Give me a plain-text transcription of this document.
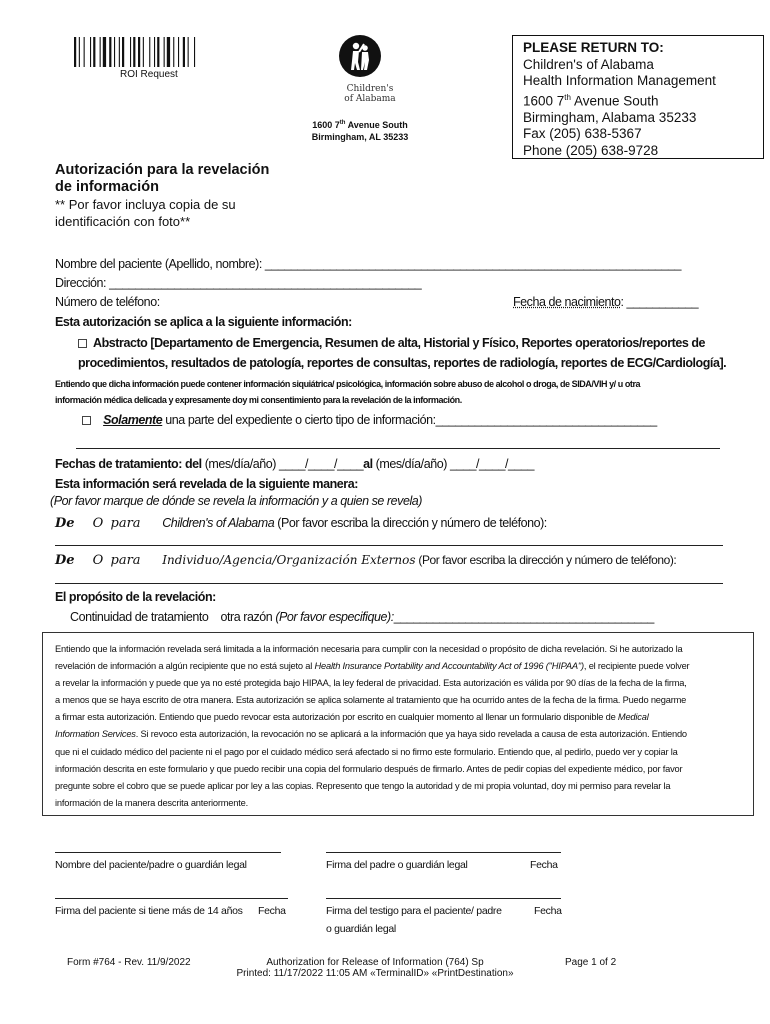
ROI Request
Children's
of Alabama
1600 7th Avenue South
Birmingham, AL 35233
PLEASE RETURN TO:
Children's of Alabama
Health Information Management
1600 7th Avenue South
Birmingham, Alabama 35233
Fax (205) 638-5367
Phone (205) 638-9728
Autorización para la revelación
de información
** Por favor incluya copia de su
identificación con foto**
Nombre del paciente (Apellido, nombre): ________________________________________________________________
Dirección: ________________________________________________
Número de teléfono:	Fecha de nacimiento: ___________
Esta autorización se aplica a la siguiente información:
Abstracto [Departamento de Emergencia, Resumen de alta, Historial y Físico, Reportes operatorios/reportes de
procedimientos, resultados de patología, reportes de consultas, reportes de radiología, reportes de ECG/Cardiología].
Entiendo que dicha información puede contener información siquiátrica/ psicológica, información sobre abuso de alcohol o droga, de SIDA/VIH y/ u otra
información médica delicada y expresamente doy mi consentimiento para la revelación de la información.
Solamente una parte del expediente o cierto tipo de información:__________________________________
Fechas de tratamiento: del (mes/día/año) ____/____/____al (mes/día/año) ____/____/____
Esta información será revelada de la siguiente manera:
(Por favor marque de dónde se revela la información y a quien se revela)
De O para Children's of Alabama (Por favor escriba la dirección y número de teléfono):
De O para Individuo/Agencia/Organización Externos (Por favor escriba la dirección y número de teléfono):
El propósito de la revelación:
Continuidad de tratamiento otra razón (Por favor especifique):________________________________________
Entiendo que la información revelada será limitada a la información necesaria para cumplir con la necesidad o propósito de dicha revelación. Si he autorizado la
revelación de información a algún recipiente que no está sujeto al Health Insurance Portability and Accountability Act of 1996 ("HIPAA"), el recipiente puede volver
a revelar la información y puede que ya no esté protegida bajo HIPAA, la ley federal de privacidad. Esta autorización es válida por 90 días de la fecha de la firma,
a menos que se haya escrito de otra manera. Esta autorización se aplica solamente al tratamiento que ha ocurrido antes de la fecha de la firma. Puedo negarme
a firmar esta autorización. Entiendo que puedo revocar esta autorización por escrito en cualquier momento al llenar un formulario disponible de Medical
Information Services. Si revoco esta autorización, la revocación no se aplicará a la información que ya haya sido revelada a causa de esta autorización. Entiendo
que ni el cuidado médico del paciente ni el pago por el cuidado médico será afectado si no firmo este formulario. Entiendo que, al pedirlo, puedo ver y copiar la
información descrita en este formulario y que puedo recibir una copia del formulario después de firmarlo. Antes de pedir copias del expediente médico, por favor
pregunte sobre el cobro que se puede aplicar por ley a las copias. Represento que tengo la autoridad y de mi propia voluntad, doy mi permiso para revelar la
información de la manera descrita anteriormente.
Nombre del paciente/padre o guardián legal	Firma del padre o guardián legal	Fecha
Firma del paciente si tiene más de 14 años Fecha	Firma del testigo para el paciente/ padre
o guardián legal
Fecha
Form #764 - Rev. 11/9/2022	Authorization for Release of Information (764) Sp
Printed: 11/17/2022 11:05 AM «TerminalID» «PrintDestination»
Page 1 of 2
